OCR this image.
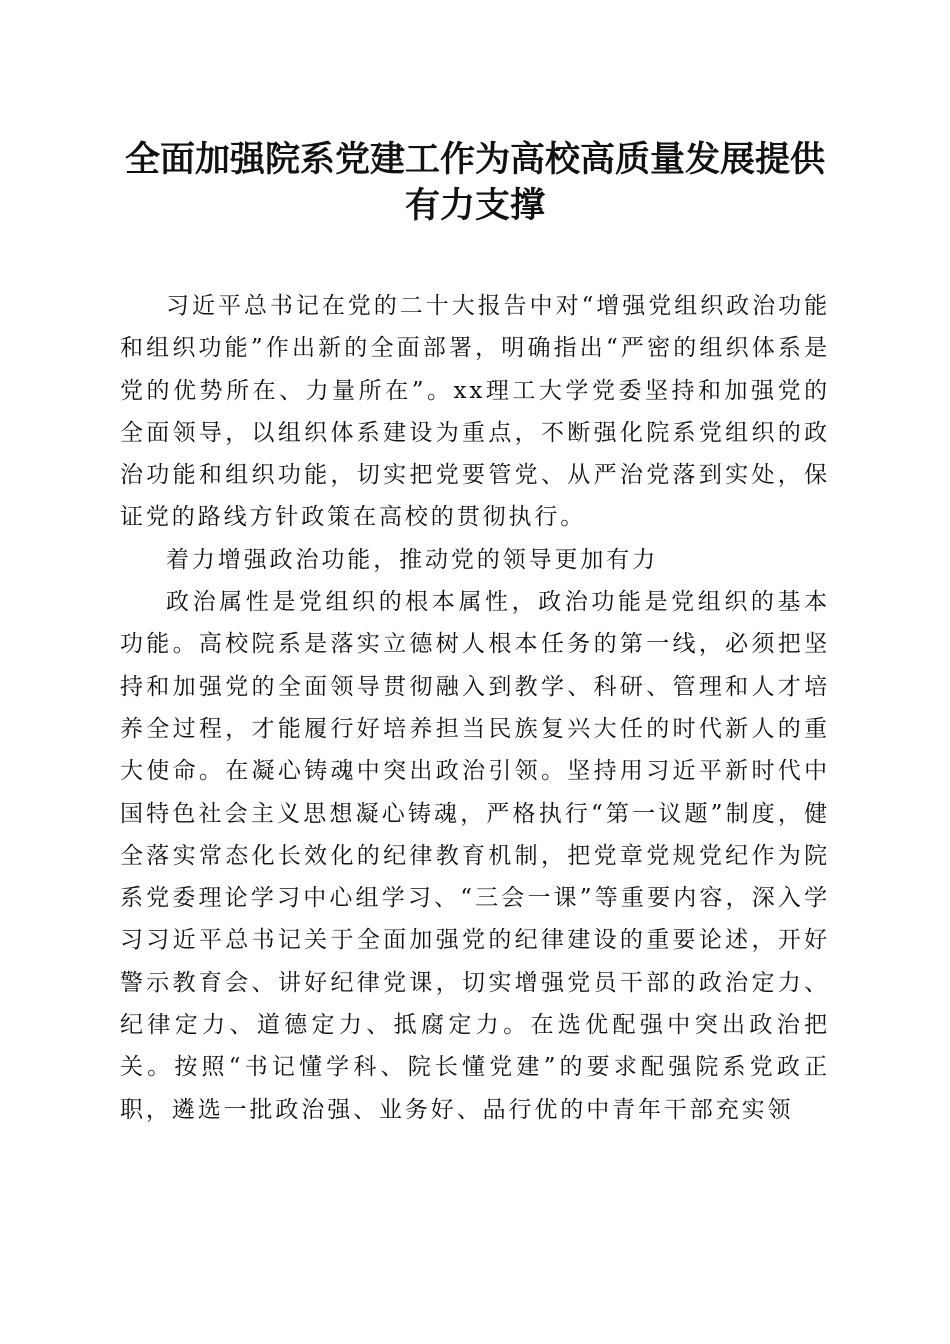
全面加强院系党建工作为高校高质量发展提供
有力支撑

习近平总书记在党的二十大报告中对“增强党组织政治功能和组织功能”作出新的全面部署，明确指出“严密的组织体系是党的优势所在、力量所在”。xx理工大学党委坚持和加强党的全面领导，以组织体系建设为重点，不断强化院系党组织的政治功能和组织功能，切实把党要管党、从严治党落到实处，保证党的路线方针政策在高校的贯彻执行。

着力增强政治功能，推动党的领导更加有力

政治属性是党组织的根本属性，政治功能是党组织的基本功能。高校院系是落实立德树人根本任务的第一线，必须把坚持和加强党的全面领导贯彻融入到教学、科研、管理和人才培养全过程，才能履行好培养担当民族复兴大任的时代新人的重大使命。在凝心铸魂中突出政治引领。坚持用习近平新时代中国特色社会主义思想凝心铸魂，严格执行“第一议题”制度，健全落实常态化长效化的纪律教育机制，把党章党规党纪作为院系党委理论学习中心组学习、“三会一课”等重要内容，深入学习习近平总书记关于全面加强党的纪律建设的重要论述，开好警示教育会、讲好纪律党课，切实增强党员干部的政治定力、纪律定力、道德定力、抵腐定力。在选优配强中突出政治把关。按照“书记懂学科、院长懂党建”的要求配强院系党政正职，遴选一批政治强、业务好、品行优的中青年干部充实领
